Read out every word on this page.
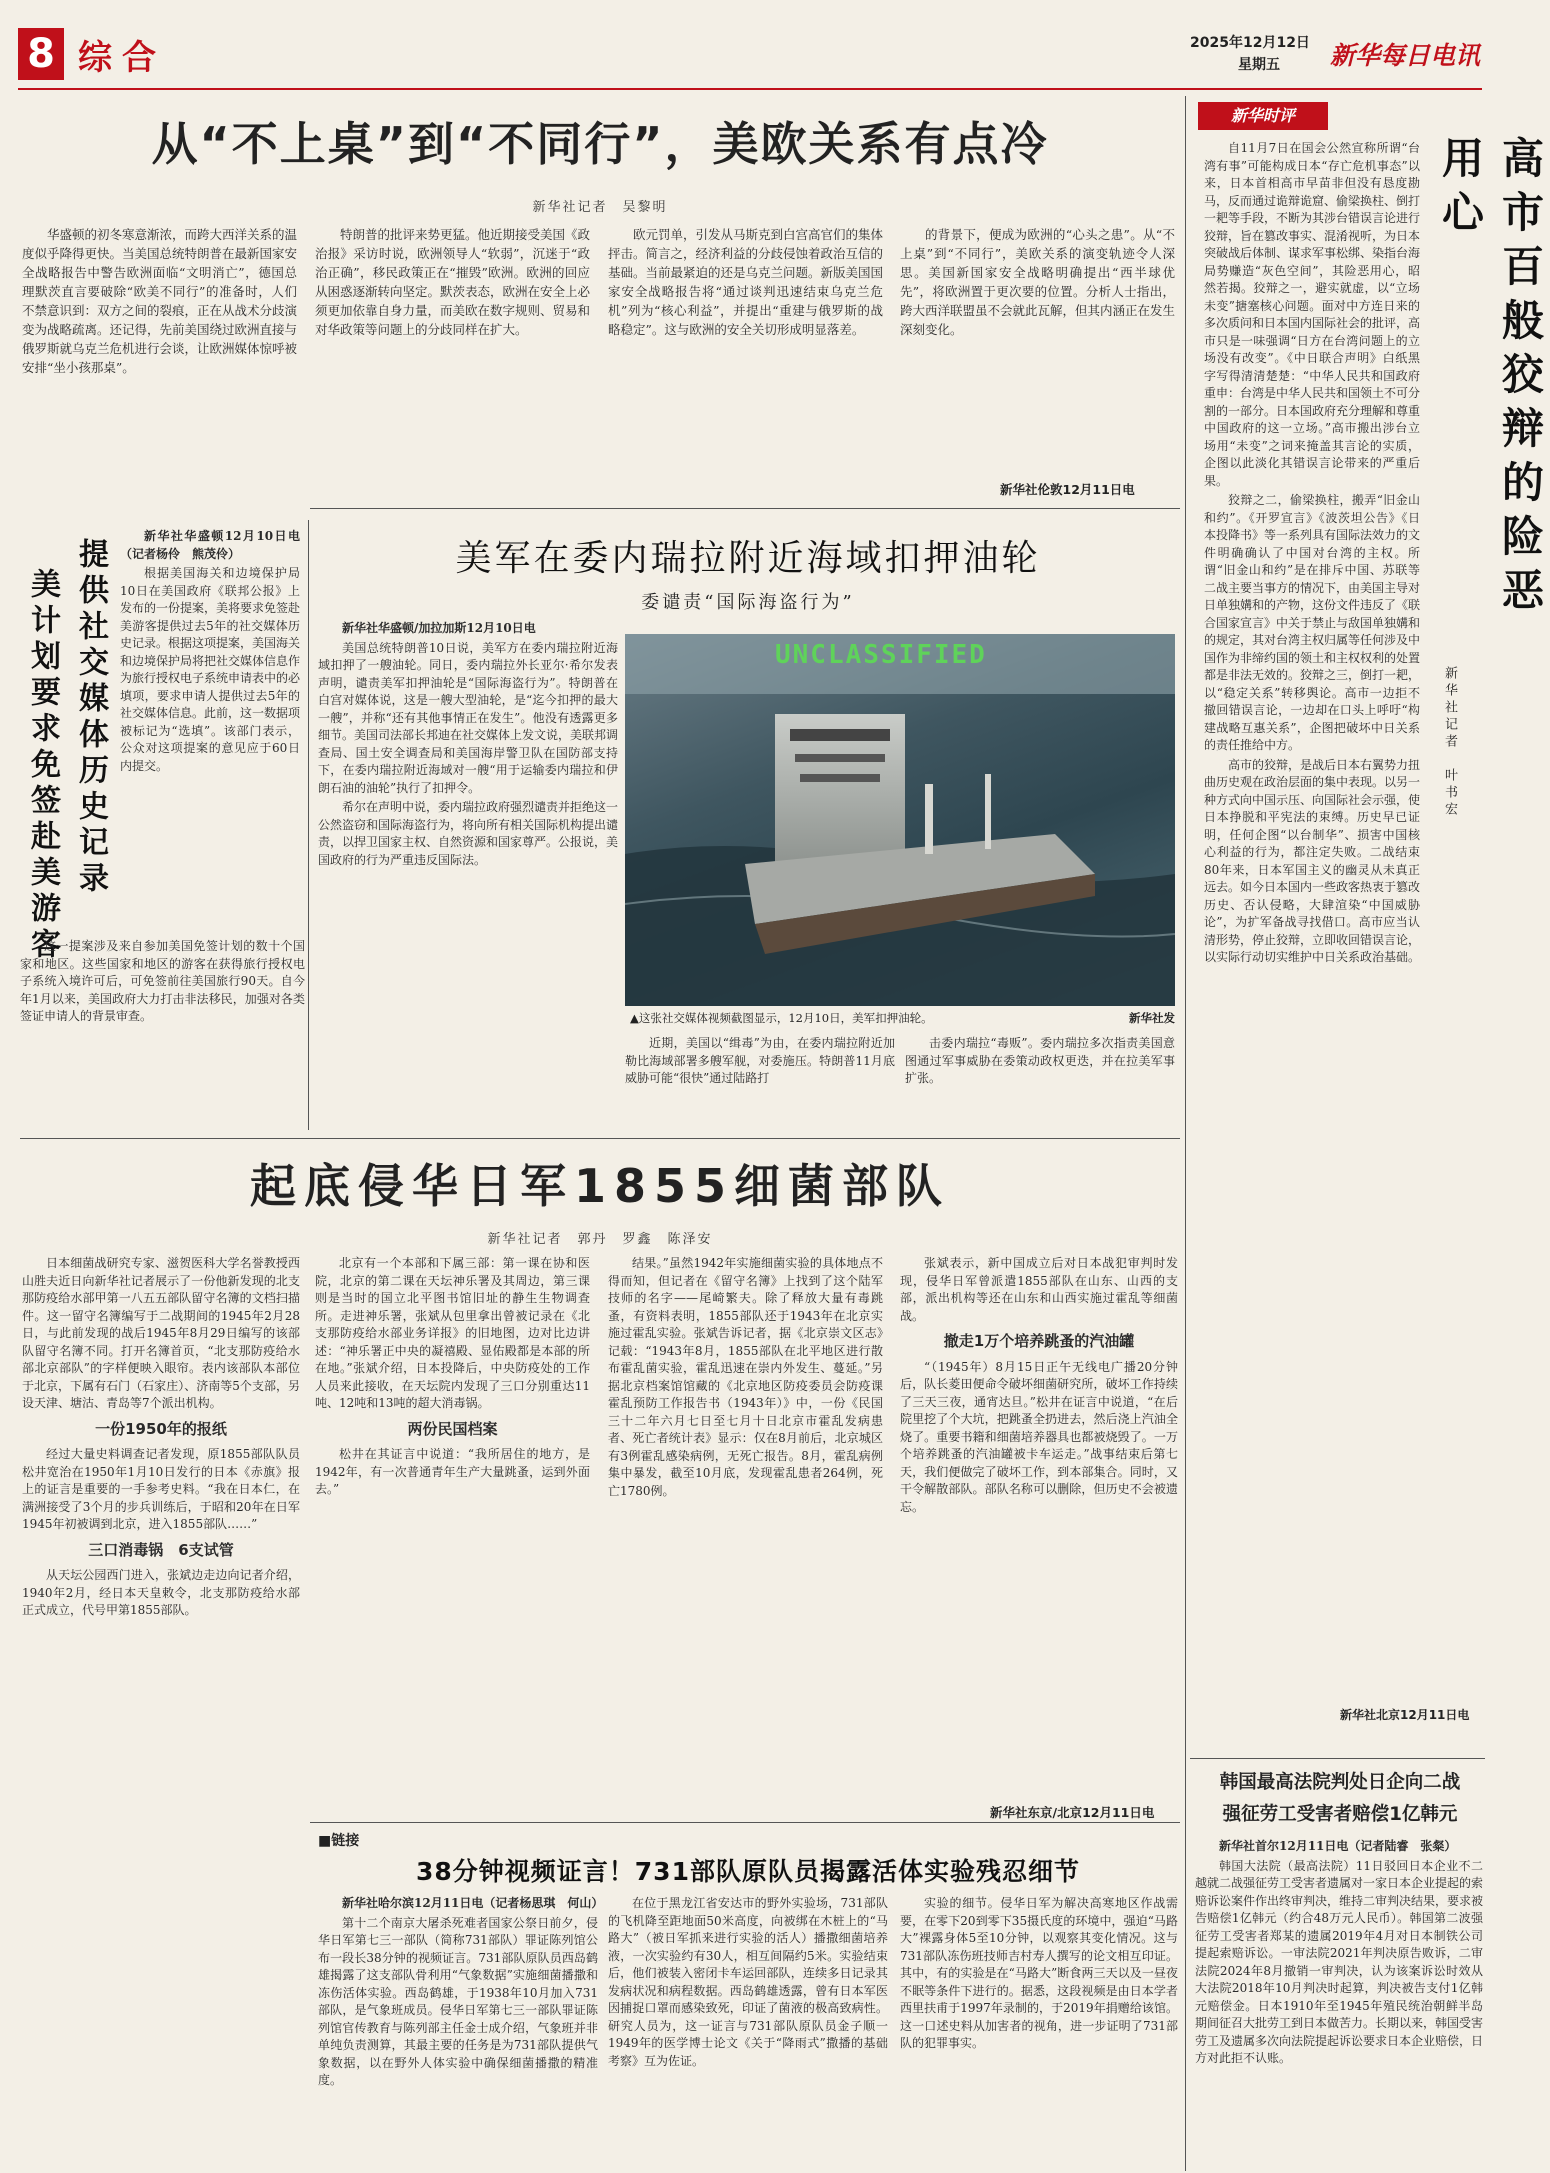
8 综合	2025年12月12日
星期五 新华每日电讯
新华时评
高市百般狡辩的险恶用心
新华社记者　叶书宏

自11月7日在国会公然宣称所谓“台湾有事”可能构成日本“存亡危机事态”以来，日本首相高市早苗非但没有恳度勘马，反而通过诡辩诡窟、偷梁换柱、倒打一耙等手段，不断为其涉台错误言论进行狡辩，旨在篡改事实、混淆视听，为日本突破战后体制、谋求军事松绑、染指台海局势赚造“灰色空间”，其险恶用心，昭然若揭。狡辩之一，避实就虚，以“立场未变”搪塞核心问题。面对中方连日来的多次质问和日本国内国际社会的批评，高市只是一味强调“日方在台湾问题上的立场没有改变”。《中日联合声明》白纸黑字写得清清楚楚：“中华人民共和国政府重申：台湾是中华人民共和国领土不可分割的一部分。日本国政府充分理解和尊重中国政府的这一立场。”高市搬出涉台立场用“未变”之词来掩盖其言论的实质，企图以此淡化其错误言论带来的严重后果。

狡辩之二，偷梁换柱，搬弄“旧金山和约”。《开罗宣言》《波茨坦公告》《日本投降书》等一系列具有国际法效力的文件明确确认了中国对台湾的主权。所谓“旧金山和约”是在排斥中国、苏联等二战主要当事方的情况下，由美国主导对日单独媾和的产物，这份文件违反了《联合国家宣言》中关于禁止与敌国单独媾和的规定，其对台湾主权归属等任何涉及中国作为非缔约国的领土和主权权利的处置都是非法无效的。狡辩之三，倒打一耙，以“稳定关系”转移舆论。高市一边拒不撤回错误言论，一边却在口头上呼吁“构建战略互惠关系”，企图把破坏中日关系的责任推给中方。

高市的狡辩，是战后日本右翼势力扭曲历史观在政治层面的集中表现。以另一种方式向中国示压、向国际社会示强，使日本挣脱和平宪法的束缚。历史早已证明，任何企图“以台制华”、损害中国核心利益的行为，都注定失败。二战结束80年来，日本军国主义的幽灵从未真正远去。如今日本国内一些政客热衷于篡改历史、否认侵略，大肆渲染“中国威胁论”，为扩军备战寻找借口。高市应当认清形势，停止狡辩，立即收回错误言论，以实际行动切实维护中日关系政治基础。

新华社北京12月11日电
从“不上桌”到“不同行”，美欧关系有点冷
新华社记者　吴黎明

华盛顿的初冬寒意渐浓，而跨大西洋关系的温度似乎降得更快。当美国总统特朗普在最新国家安全战略报告中警告欧洲面临“文明消亡”，德国总理默茨直言要破除“欧美不同行”的准备时，人们不禁意识到：双方之间的裂痕，正在从战术分歧演变为战略疏离。还记得，先前美国绕过欧洲直接与俄罗斯就乌克兰危机进行会谈，让欧洲媒体惊呼被安排“坐小孩那桌”。

特朗普的批评来势更猛。他近期接受美国《政治报》采访时说，欧洲领导人“软弱”，沉迷于“政治正确”，移民政策正在“摧毁”欧洲。欧洲的回应从困惑逐渐转向坚定。默茨表态，欧洲在安全上必须更加依靠自身力量，而美欧在数字规则、贸易和对华政策等问题上的分歧同样在扩大。

欧元罚单，引发从马斯克到白宫高官们的集体抨击。简言之，经济利益的分歧侵蚀着政治互信的基础。当前最紧迫的还是乌克兰问题。新版美国国家安全战略报告将“通过谈判迅速结束乌克兰危机”列为“核心利益”，并提出“重建与俄罗斯的战略稳定”。这与欧洲的安全关切形成明显落差。

的背景下，便成为欧洲的“心头之患”。从“不上桌”到“不同行”，美欧关系的演变轨迹令人深思。美国新国家安全战略明确提出“西半球优先”，将欧洲置于更次要的位置。分析人士指出，跨大西洋联盟虽不会就此瓦解，但其内涵正在发生深刻变化。

新华社伦敦12月11日电
美计划要求免签赴美游客 提供社交媒体历史记录

新华社华盛顿12月10日电（记者杨伶　熊茂伶）

根据美国海关和边境保护局10日在美国政府《联邦公报》上发布的一份提案，美将要求免签赴美游客提供过去5年的社交媒体历史记录。根据这项提案，美国海关和边境保护局将把社交媒体信息作为旅行授权电子系统申请表中的必填项，要求申请人提供过去5年的社交媒体信息。此前，这一数据项被标记为“选填”。该部门表示，公众对这项提案的意见应于60日内提交。

这一提案涉及来自参加美国免签计划的数十个国家和地区。这些国家和地区的游客在获得旅行授权电子系统入境许可后，可免签前往美国旅行90天。自今年1月以来，美国政府大力打击非法移民，加强对各类签证申请人的背景审查。

美军在委内瑞拉附近海域扣押油轮
委谴责“国际海盗行为”

新华社华盛顿/加拉加斯12月10日电

美国总统特朗普10日说，美军方在委内瑞拉附近海域扣押了一艘油轮。同日，委内瑞拉外长亚尔·希尔发表声明，谴责美军扣押油轮是“国际海盗行为”。特朗普在白宫对媒体说，这是一艘大型油轮，是“迄今扣押的最大一艘”，并称“还有其他事情正在发生”。他没有透露更多细节。美国司法部长邦迪在社交媒体上发文说，美联邦调查局、国土安全调查局和美国海岸警卫队在国防部支持下，在委内瑞拉附近海域对一艘“用于运输委内瑞拉和伊朗石油的油轮”执行了扣押令。

希尔在声明中说，委内瑞拉政府强烈谴责并拒绝这一公然盗窃和国际海盗行为，将向所有相关国际机构提出谴责，以捍卫国家主权、自然资源和国家尊严。公报说，美国政府的行为严重违反国际法。

UNCLASSIFIED
▲这张社交媒体视频截图显示，12月10日，美军扣押油轮。	新华社发

近期，美国以“缉毒”为由，在委内瑞拉附近加勒比海域部署多艘军舰，对委施压。特朗普11月底威胁可能“很快”通过陆路打

击委内瑞拉“毒贩”。委内瑞拉多次指责美国意图通过军事威胁在委策动政权更迭，并在拉美军事扩张。

起底侵华日军1855细菌部队
新华社记者　郭丹　罗鑫　陈泽安

日本细菌战研究专家、滋贺医科大学名誉教授西山胜夫近日向新华社记者展示了一份他新发现的北支那防疫给水部甲第一八五五部队留守名簿的文档扫描件。这一留守名簿编写于二战期间的1945年2月28日，与此前发现的战后1945年8月29日编写的该部队留守名簿不同。打开名簿首页，“北支那防疫给水部北京部队”的字样便映入眼帘。表内该部队本部位于北京，下属有石门（石家庄）、济南等5个支部，另设天津、塘沽、青岛等7个派出机构。

一份1950年的报纸

经过大量史料调查记者发现，原1855部队队员松井宽治在1950年1月10日发行的日本《赤旗》报上的证言是重要的一手参考史料。“我在日本仁，在满洲接受了3个月的步兵训练后，于昭和20年在日军1945年初被调到北京，进入1855部队……”

三口消毒锅　6支试管

从天坛公园西门进入，张斌边走边向记者介绍，1940年2月，经日本天皇敕令，北支那防疫给水部正式成立，代号甲第1855部队。

北京有一个本部和下属三部：第一课在协和医院，北京的第二课在天坛神乐署及其周边，第三课则是当时的国立北平图书馆旧址的静生生物调查所。走进神乐署，张斌从包里拿出曾被记录在《北支那防疫给水部业务详报》的旧地图，边对比边讲述：“神乐署正中央的凝禧殿、显佑殿都是本部的所在地。”张斌介绍，日本投降后，中央防疫处的工作人员来此接收，在天坛院内发现了三口分别重达11吨、12吨和13吨的超大消毒锅。

两份民国档案

松井在其证言中说道：“我所居住的地方，是1942年，有一次普通青年生产大量跳蚤，运到外面去。”

结果。”虽然1942年实施细菌实验的具体地点不得而知，但记者在《留守名簿》上找到了这个陆军技师的名字——尾崎繁夫。除了释放大量有毒跳蚤，有资料表明，1855部队还于1943年在北京实施过霍乱实验。张斌告诉记者，据《北京崇文区志》记载：“1943年8月，1855部队在北平地区进行散布霍乱菌实验，霍乱迅速在崇内外发生、蔓延。”另据北京档案馆馆藏的《北京地区防疫委员会防疫课霍乱预防工作报告书（1943年）》中，一份《民国三十二年六月七日至七月十日北京市霍乱发病患者、死亡者统计表》显示：仅在8月前后，北京城区有3例霍乱感染病例，无死亡报告。8月，霍乱病例集中暴发，截至10月底，发现霍乱患者264例，死亡1780例。

张斌表示，新中国成立后对日本战犯审判时发现，侵华日军曾派遣1855部队在山东、山西的支部，派出机构等还在山东和山西实施过霍乱等细菌战。

撤走1万个培养跳蚤的汽油罐

“（1945年）8月15日正午无线电广播20分钟后，队长菱田便命令破坏细菌研究所，破坏工作持续了三天三夜，通宵达旦。”松井在证言中说道，“在后院里挖了个大坑，把跳蚤全扔进去，然后浇上汽油全烧了。重要书籍和细菌培养器具也都被烧毁了。一万个培养跳蚤的汽油罐被卡车运走。”战事结束后第七天，我们便做完了破坏工作，到本部集合。同时，又干令解散部队。部队名称可以删除，但历史不会被遗忘。

新华社东京/北京12月11日电
■链接
38分钟视频证言！731部队原队员揭露活体实验残忍细节

新华社哈尔滨12月11日电（记者杨思琪　何山）

第十二个南京大屠杀死难者国家公祭日前夕，侵华日军第七三一部队（简称731部队）罪证陈列馆公布一段长38分钟的视频证言。731部队原队员西岛鹤雄揭露了这支部队骨利用“气象数据”实施细菌播撒和冻伤活体实验。西岛鹤雄，于1938年10月加入731部队，是气象班成员。侵华日军第七三一部队罪证陈列馆官传教育与陈列部主任金士成介绍，气象班并非单纯负责测算，其最主要的任务是为731部队提供气象数据，以在野外人体实验中确保细菌播撒的精准度。

在位于黑龙江省安达市的野外实验场，731部队的飞机降至距地面50米高度，向被绑在木桩上的“马路大”（被日军抓来进行实验的活人）播撒细菌培养液，一次实验约有30人，相互间隔约5米。实验结束后，他们被装入密闭卡车运回部队，连续多日记录其发病状况和病程数据。西岛鹤雄透露，曾有日本军医因捕捉口罩而感染致死，印证了菌液的极高致病性。研究人员为，这一证言与731部队原队员金子顺一1949年的医学博士论文《关于“降雨式”撒播的基础考察》互为佐证。

实验的细节。侵华日军为解决高寒地区作战需要，在零下20到零下35摄氏度的环境中，强迫“马路大”裸露身体5至10分钟，以观察其变化情况。这与731部队冻伤班技师吉村寿人撰写的论文相互印证。其中，有的实验是在“马路大”断食两三天以及一昼夜不眠等条件下进行的。据悉，这段视频是由日本学者西里扶甫于1997年录制的，于2019年捐赠给该馆。这一口述史料从加害者的视角，进一步证明了731部队的犯罪事实。

韩国最高法院判处日企向二战
强征劳工受害者赔偿1亿韩元

新华社首尔12月11日电（记者陆睿　张粲）

韩国大法院（最高法院）11日驳回日本企业不二越就二战强征劳工受害者遗属对一家日本企业提起的索赔诉讼案件作出终审判决，维持二审判决结果，要求被告赔偿1亿韩元（约合48万元人民币）。韩国第二波强征劳工受害者郑某的遗属2019年4月对日本制铁公司提起索赔诉讼。一审法院2021年判决原告败诉，二审法院2024年8月撤销一审判决，认为该案诉讼时效从大法院2018年10月判决时起算，判决被告支付1亿韩元赔偿金。日本1910年至1945年殖民统治朝鲜半岛期间征召大批劳工到日本做苦力。长期以来，韩国受害劳工及遗属多次向法院提起诉讼要求日本企业赔偿，日方对此拒不认账。
